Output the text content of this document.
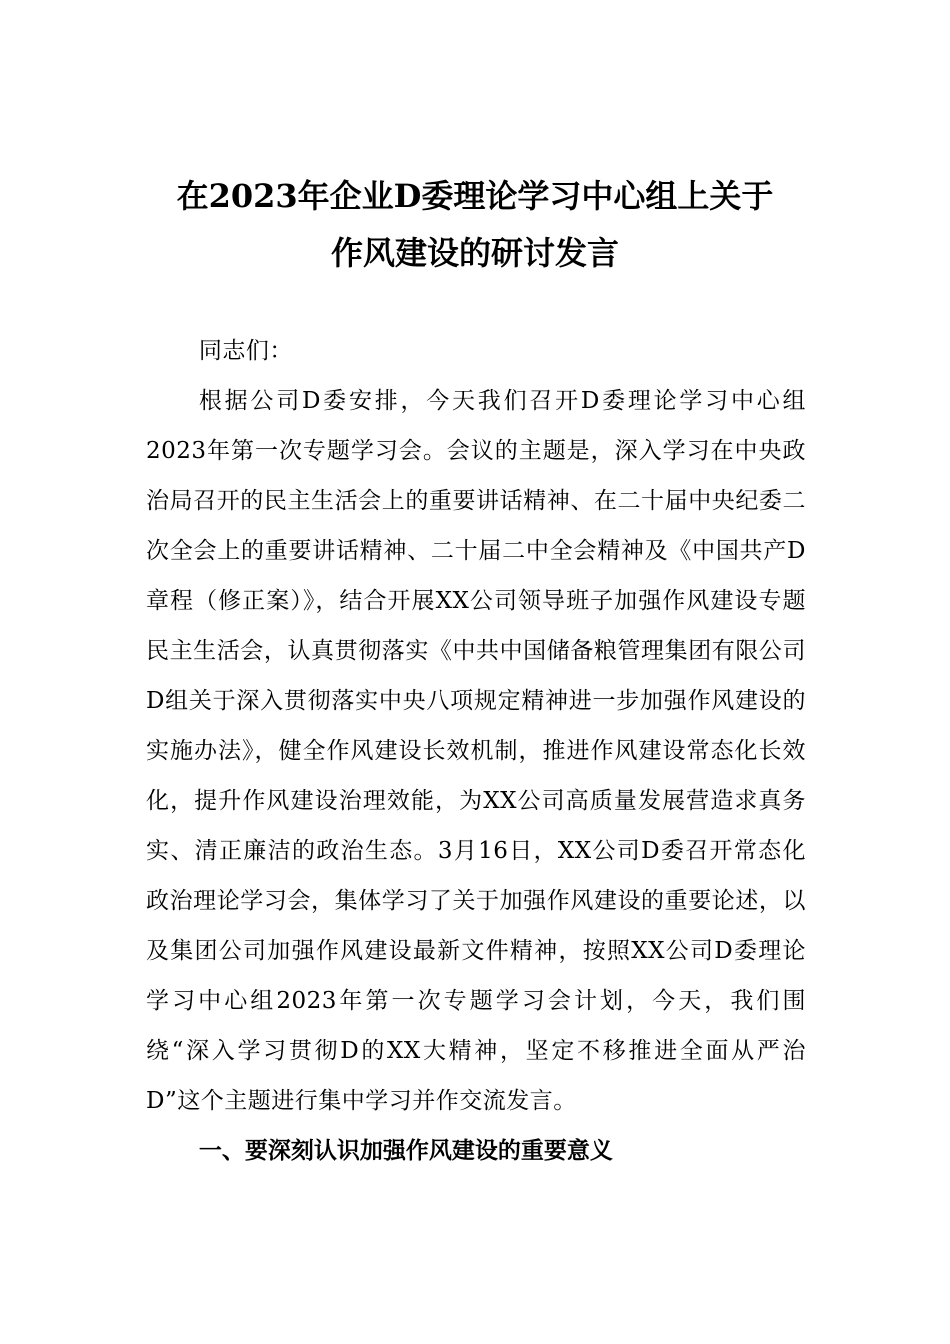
在2023年企业D委理论学习中心组上关于
作风建设的研讨发言

同志们：

根据公司D委安排，今天我们召开D委理论学习中心组2023年第一次专题学习会。会议的主题是，深入学习在中央政治局召开的民主生活会上的重要讲话精神、在二十届中央纪委二次全会上的重要讲话精神、二十届二中全会精神及《中国共产D章程（修正案）》，结合开展XX公司领导班子加强作风建设专题民主生活会，认真贯彻落实《中共中国储备粮管理集团有限公司D组关于深入贯彻落实中央八项规定精神进一步加强作风建设的实施办法》，健全作风建设长效机制，推进作风建设常态化长效化，提升作风建设治理效能，为XX公司高质量发展营造求真务实、清正廉洁的政治生态。3月16日，XX公司D委召开常态化政治理论学习会，集体学习了关于加强作风建设的重要论述，以及集团公司加强作风建设最新文件精神，按照XX公司D委理论学习中心组2023年第一次专题学习会计划，今天，我们围绕“深入学习贯彻D的XX大精神，坚定不移推进全面从严治D”这个主题进行集中学习并作交流发言。

一、要深刻认识加强作风建设的重要意义
